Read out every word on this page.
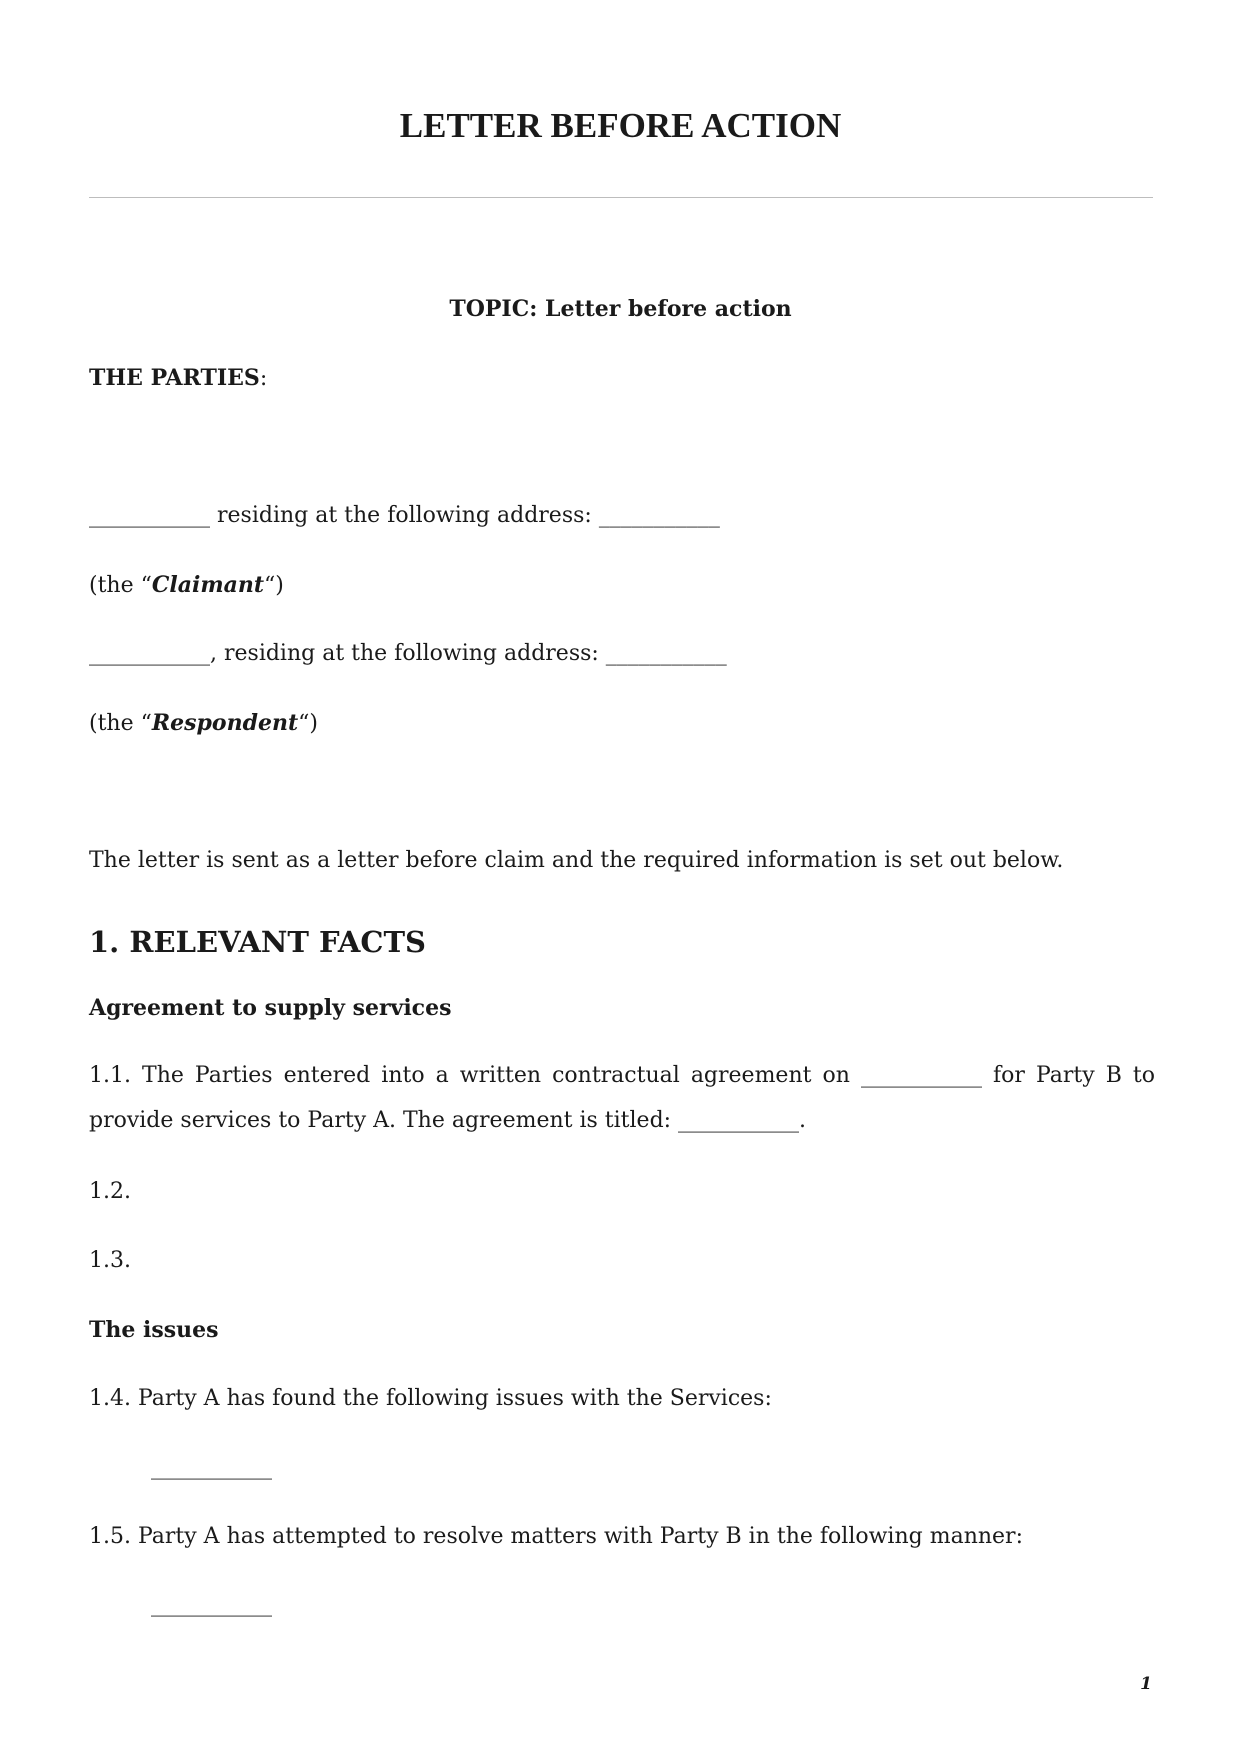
LETTER BEFORE ACTION

TOPIC: Letter before action

THE PARTIES:

___________ residing at the following address: ___________

(the “Claimant“)

___________, residing at the following address: ___________

(the “Respondent“)

The letter is sent as a letter before claim and the required information is set out below.

1. RELEVANT FACTS

Agreement to supply services

1.1. The Parties entered into a written contractual agreement on ___________ for Party B to provide services to Party A. The agreement is titled: ___________.

1.2.

1.3.

The issues

1.4. Party A has found the following issues with the Services:

___________

1.5. Party A has attempted to resolve matters with Party B in the following manner:

___________
1
